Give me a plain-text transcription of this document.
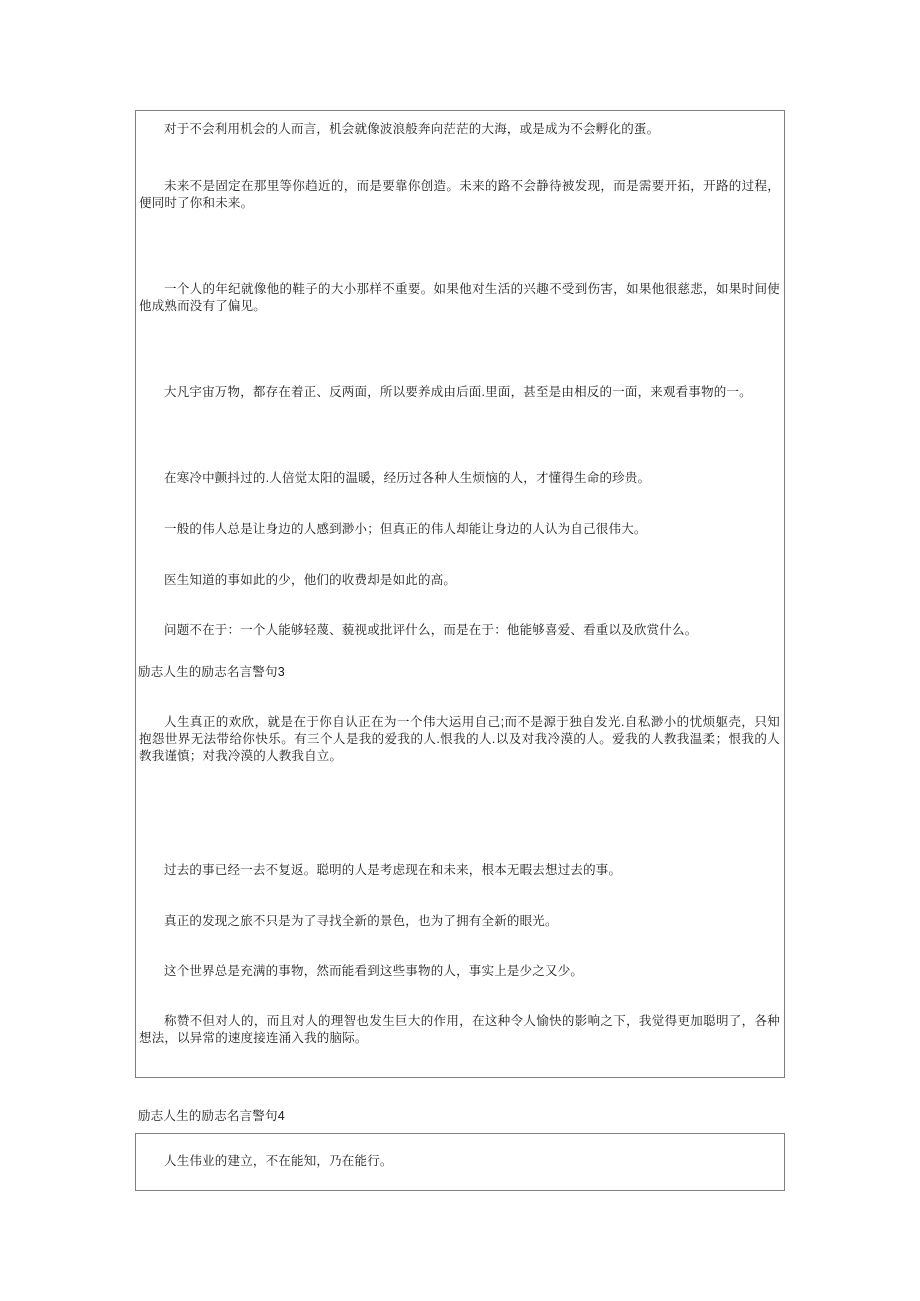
对于不会利用机会的人而言，机会就像波浪般奔向茫茫的大海，或是成为不会孵化的蛋。
未来不是固定在那里等你趋近的，而是要靠你创造。未来的路不会静待被发现，而是需要开拓，开路的过程，便同时了你和未来。
一个人的年纪就像他的鞋子的大小那样不重要。如果他对生活的兴趣不受到伤害，如果他很慈悲，如果时间使他成熟而没有了偏见。
大凡宇宙万物，都存在着正、反两面，所以要养成由后面.里面，甚至是由相反的一面，来观看事物的一。
在寒冷中颤抖过的.人倍觉太阳的温暖，经历过各种人生烦恼的人，才懂得生命的珍贵。
一般的伟人总是让身边的人感到渺小；但真正的伟人却能让身边的人认为自己很伟大。
医生知道的事如此的少，他们的收费却是如此的高。
问题不在于：一个人能够轻蔑、藐视或批评什么，而是在于：他能够喜爱、看重以及欣赏什么。
励志人生的励志名言警句3
人生真正的欢欣，就是在于你自认正在为一个伟大运用自己;而不是源于独自发光.自私渺小的忧烦躯壳，只知抱怨世界无法带给你快乐。有三个人是我的爱我的人.恨我的人.以及对我冷漠的人。爱我的人教我温柔；恨我的人教我谨慎；对我冷漠的人教我自立。
过去的事已经一去不复返。聪明的人是考虑现在和未来，根本无暇去想过去的事。
真正的发现之旅不只是为了寻找全新的景色，也为了拥有全新的眼光。
这个世界总是充满的事物，然而能看到这些事物的人，事实上是少之又少。
称赞不但对人的，而且对人的理智也发生巨大的作用，在这种令人愉快的影响之下，我觉得更加聪明了，各种想法，以异常的速度接连涌入我的脑际。
励志人生的励志名言警句4
人生伟业的建立，不在能知，乃在能行。
